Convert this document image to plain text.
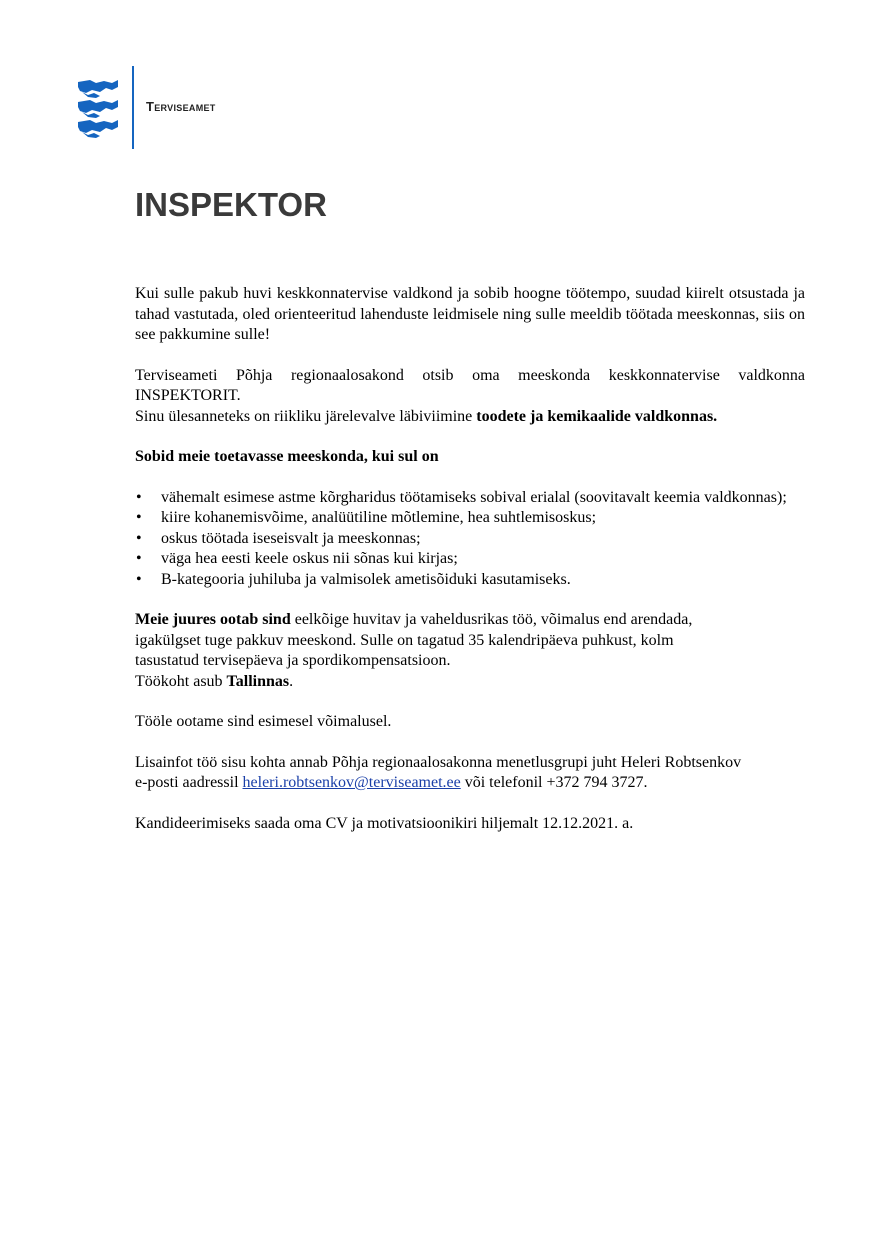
Terviseamet
INSPEKTOR

Kui sulle pakub huvi keskkonnatervise valdkond ja sobib hoogne töötempo, suudad kiirelt otsustada ja tahad vastutada, oled orienteeritud lahenduste leidmisele ning sulle meeldib töötada meeskonnas, siis on see pakkumine sulle!

Terviseameti Põhja regionaalosakond otsib oma meeskonda keskkonnatervise valdkonna INSPEKTORIT.
Sinu ülesanneteks on riikliku järelevalve läbiviimine toodete ja kemikaalide valdkonnas.

Sobid meie toetavasse meeskonda, kui sul on

• vähemalt esimese astme kõrgharidus töötamiseks sobival erialal (soovitavalt keemia valdkonnas);
• kiire kohanemisvõime, analüütiline mõtlemine, hea suhtlemisoskus;
• oskus töötada iseseisvalt ja meeskonnas;
• väga hea eesti keele oskus nii sõnas kui kirjas;
• B-kategooria juhiluba ja valmisolek ametisõiduki kasutamiseks.

Meie juures ootab sind eelkõige huvitav ja vaheldusrikas töö, võimalus end arendada,
igakülgset tuge pakkuv meeskond. Sulle on tagatud 35 kalendripäeva puhkust, kolm
tasustatud tervisepäeva ja spordikompensatsioon.
Töökoht asub Tallinnas.

Tööle ootame sind esimesel võimalusel.

Lisainfot töö sisu kohta annab Põhja regionaalosakonna menetlusgrupi juht Heleri Robtsenkov
e-posti aadressil heleri.robtsenkov@terviseamet.ee või telefonil +372 794 3727.

Kandideerimiseks saada oma CV ja motivatsioonikiri hiljemalt 12.12.2021. a.
